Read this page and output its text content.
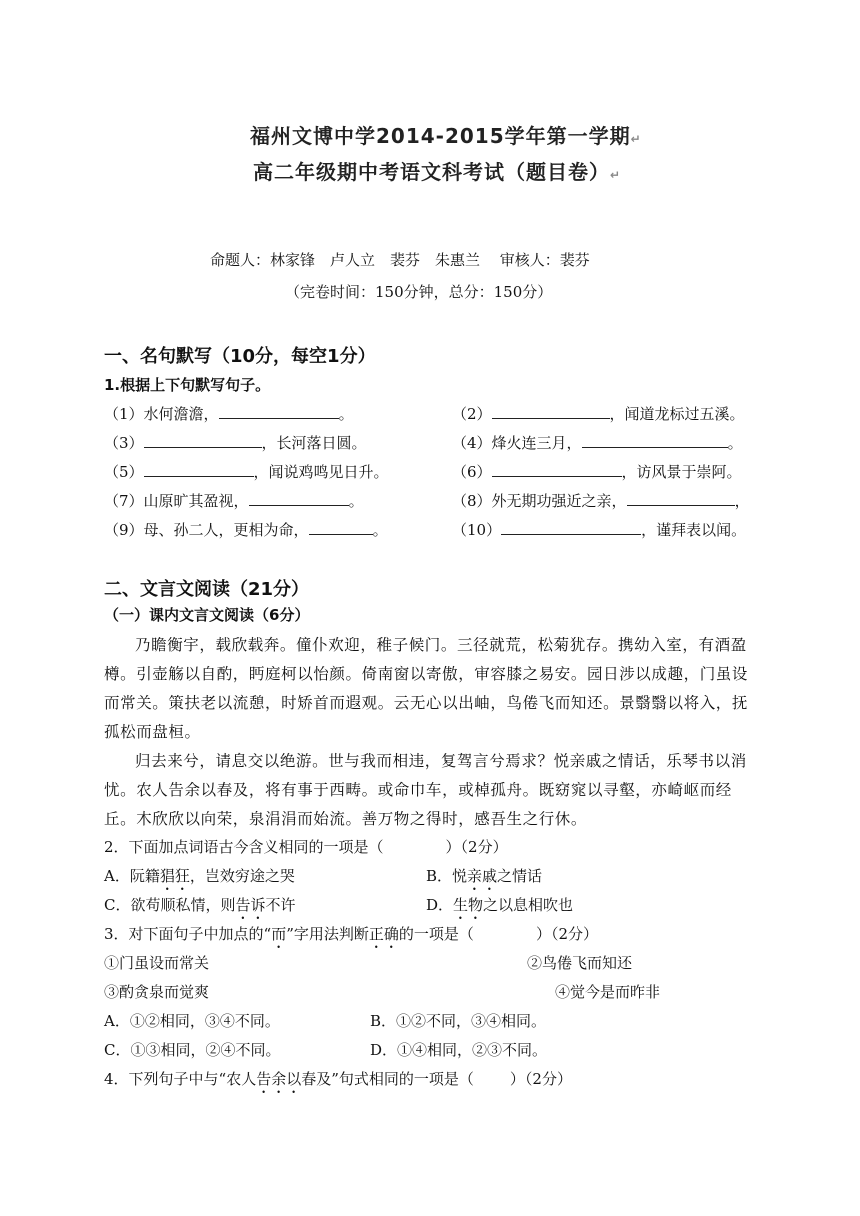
福州文博中学2014-2015学年第一学期↵
高二年级期中考语文科考试（题目卷）↵
命题人：林家锋　卢人立　裴芬　朱惠兰　 审核人：裴芬
（完卷时间：150分钟，总分：150分）
一、名句默写（10分，每空1分）
1.根据上下句默写句子。
（1）水何澹澹，	。	（2）	，闻道龙标过五溪。
（3）	，长河落日圆。	（4）烽火连三月，	。
（5）	，闻说鸡鸣见日升。	（6）	，访风景于崇阿。
（7）山原旷其盈视，	。	（8）外无期功强近之亲，	，
（9）母、孙二人，更相为命，	。	（10）	，谨拜表以闻。
二、文言文阅读（21分）
（一）课内文言文阅读（6分）
乃瞻衡宇，载欣载奔。僮仆欢迎，稚子候门。三径就荒，松菊犹存。携幼入室，有酒盈樽。引壶觞以自酌，眄庭柯以怡颜。倚南窗以寄傲，审容膝之易安。园日涉以成趣，门虽设而常关。策扶老以流憩，时矫首而遐观。云无心以出岫，鸟倦飞而知还。景翳翳以将入，抚孤松而盘桓。
归去来兮，请息交以绝游。世与我而相违，复驾言兮焉求？悦亲戚之情话，乐琴书以消忧。农人告余以春及，将有事于西畴。或命巾车，或棹孤舟。既窈窕以寻壑，亦崎岖而经丘。木欣欣以向荣，泉涓涓而始流。善万物之得时，感吾生之行休。
2．下面加点词语古今含义相同的一项是（	）（2分）
A．阮籍猖狂，岂效穷途之哭	B．悦亲戚之情话
C．欲苟顺私情，则告诉不许	D．生物之以息相吹也
3．对下面句子中加点的“而”字用法判断正确的一项是（	）（2分）
①门虽设而常关	②鸟倦飞而知还
③酌贪泉而觉爽	④觉今是而昨非
A．①②相同，③④不同。	B．①②不同，③④相同。
C．①③相同，②④不同。	D．①④相同，②③不同。
4．下列句子中与“农人告余以春及”句式相同的一项是（ ）（2分）
